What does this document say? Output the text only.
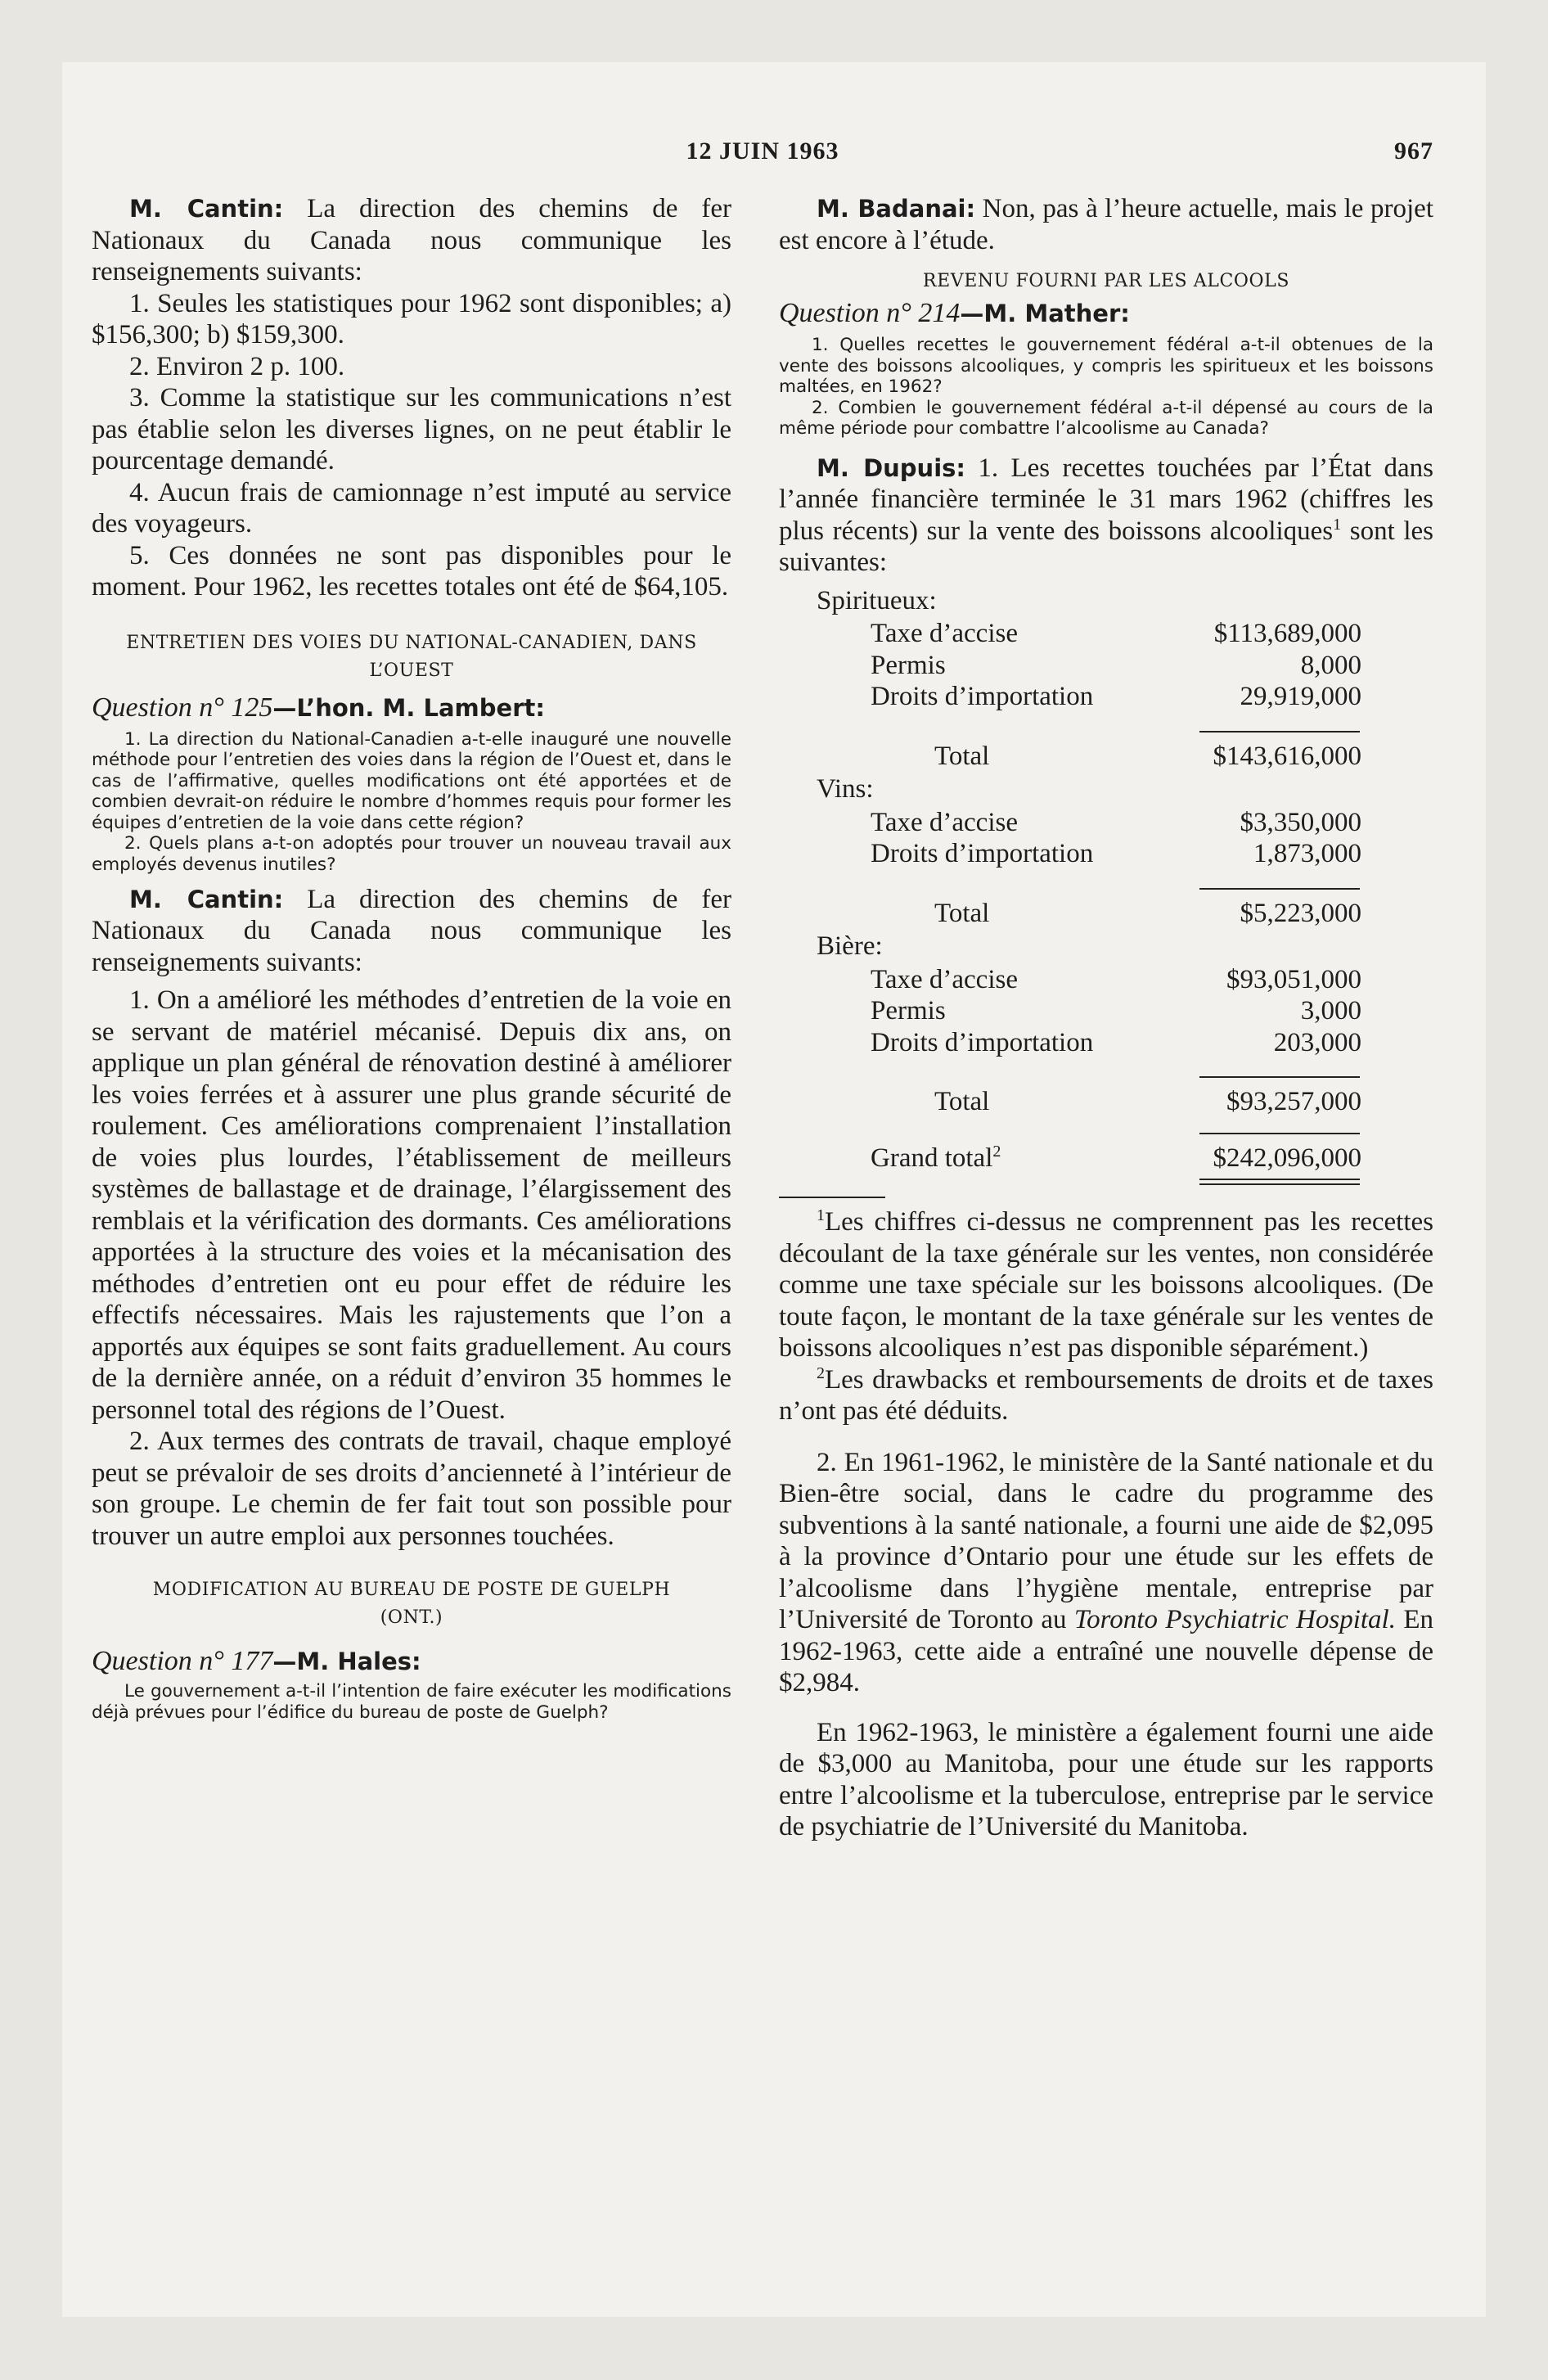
12 JUIN 1963	967

M. Cantin: La direction des chemins de fer Nationaux du Canada nous communique les renseignements suivants:

1. Seules les statistiques pour 1962 sont disponibles; a) $156,300; b) $159,300.

2. Environ 2 p. 100.

3. Comme la statistique sur les communications n’est pas établie selon les diverses lignes, on ne peut établir le pourcentage demandé.

4. Aucun frais de camionnage n’est imputé au service des voyageurs.

5. Ces données ne sont pas disponibles pour le moment. Pour 1962, les recettes totales ont été de $64,105.

ENTRETIEN DES VOIES DU NATIONAL-CANADIEN, DANS L’OUEST

Question n° 125—L’hon. M. Lambert:

1. La direction du National-Canadien a-t-elle inauguré une nouvelle méthode pour l’entretien des voies dans la région de l’Ouest et, dans le cas de l’affirmative, quelles modifications ont été apportées et de combien devrait-on réduire le nombre d’hommes requis pour former les équipes d’entretien de la voie dans cette région?

2. Quels plans a-t-on adoptés pour trouver un nouveau travail aux employés devenus inutiles?

M. Cantin: La direction des chemins de fer Nationaux du Canada nous communique les renseignements suivants:

1. On a amélioré les méthodes d’entretien de la voie en se servant de matériel mécanisé. Depuis dix ans, on applique un plan général de rénovation destiné à améliorer les voies ferrées et à assurer une plus grande sécurité de roulement. Ces améliorations comprenaient l’installation de voies plus lourdes, l’établissement de meilleurs systèmes de ballastage et de drainage, l’élargissement des remblais et la vérification des dormants. Ces améliorations apportées à la structure des voies et la mécanisation des méthodes d’entretien ont eu pour effet de réduire les effectifs nécessaires. Mais les rajustements que l’on a apportés aux équipes se sont faits graduellement. Au cours de la dernière année, on a réduit d’environ 35 hommes le personnel total des régions de l’Ouest.

2. Aux termes des contrats de travail, chaque employé peut se prévaloir de ses droits d’ancienneté à l’intérieur de son groupe. Le chemin de fer fait tout son possible pour trouver un autre emploi aux personnes touchées.

MODIFICATION AU BUREAU DE POSTE DE GUELPH (ONT.)

Question n° 177—M. Hales:

Le gouvernement a-t-il l’intention de faire exécuter les modifications déjà prévues pour l’édifice du bureau de poste de Guelph?

M. Badanai: Non, pas à l’heure actuelle, mais le projet est encore à l’étude.

REVENU FOURNI PAR LES ALCOOLS

Question n° 214—M. Mather:

1. Quelles recettes le gouvernement fédéral a-t-il obtenues de la vente des boissons alcooliques, y compris les spiritueux et les boissons maltées, en 1962?

2. Combien le gouvernement fédéral a-t-il dépensé au cours de la même période pour combattre l’alcoolisme au Canada?

M. Dupuis: 1. Les recettes touchées par l’État dans l’année financière terminée le 31 mars 1962 (chiffres les plus récents) sur la vente des boissons alcooliques$^1$ sont les suivantes:

Spiritueux:
Taxe d’accise	$113,689,000
Permis	8,000
Droits d’importation	29,919,000
Total	$143,616,000
Vins:
Taxe d’accise	$3,350,000
Droits d’importation	1,873,000
Total	$5,223,000
Bière:
Taxe d’accise	$93,051,000
Permis	3,000
Droits d’importation	203,000
Total	$93,257,000
Grand total$^2$	$242,096,000

$^1$Les chiffres ci-dessus ne comprennent pas les recettes découlant de la taxe générale sur les ventes, non considérée comme une taxe spéciale sur les boissons alcooliques. (De toute façon, le montant de la taxe générale sur les ventes de boissons alcooliques n’est pas disponible séparément.)

$^2$Les drawbacks et remboursements de droits et de taxes n’ont pas été déduits.

2. En 1961-1962, le ministère de la Santé nationale et du Bien-être social, dans le cadre du programme des subventions à la santé nationale, a fourni une aide de $2,095 à la province d’Ontario pour une étude sur les effets de l’alcoolisme dans l’hygiène mentale, entreprise par l’Université de Toronto au Toronto Psychiatric Hospital. En 1962-1963, cette aide a entraîné une nouvelle dépense de $2,984.

En 1962-1963, le ministère a également fourni une aide de $3,000 au Manitoba, pour une étude sur les rapports entre l’alcoolisme et la tuberculose, entreprise par le service de psychiatrie de l’Université du Manitoba.
